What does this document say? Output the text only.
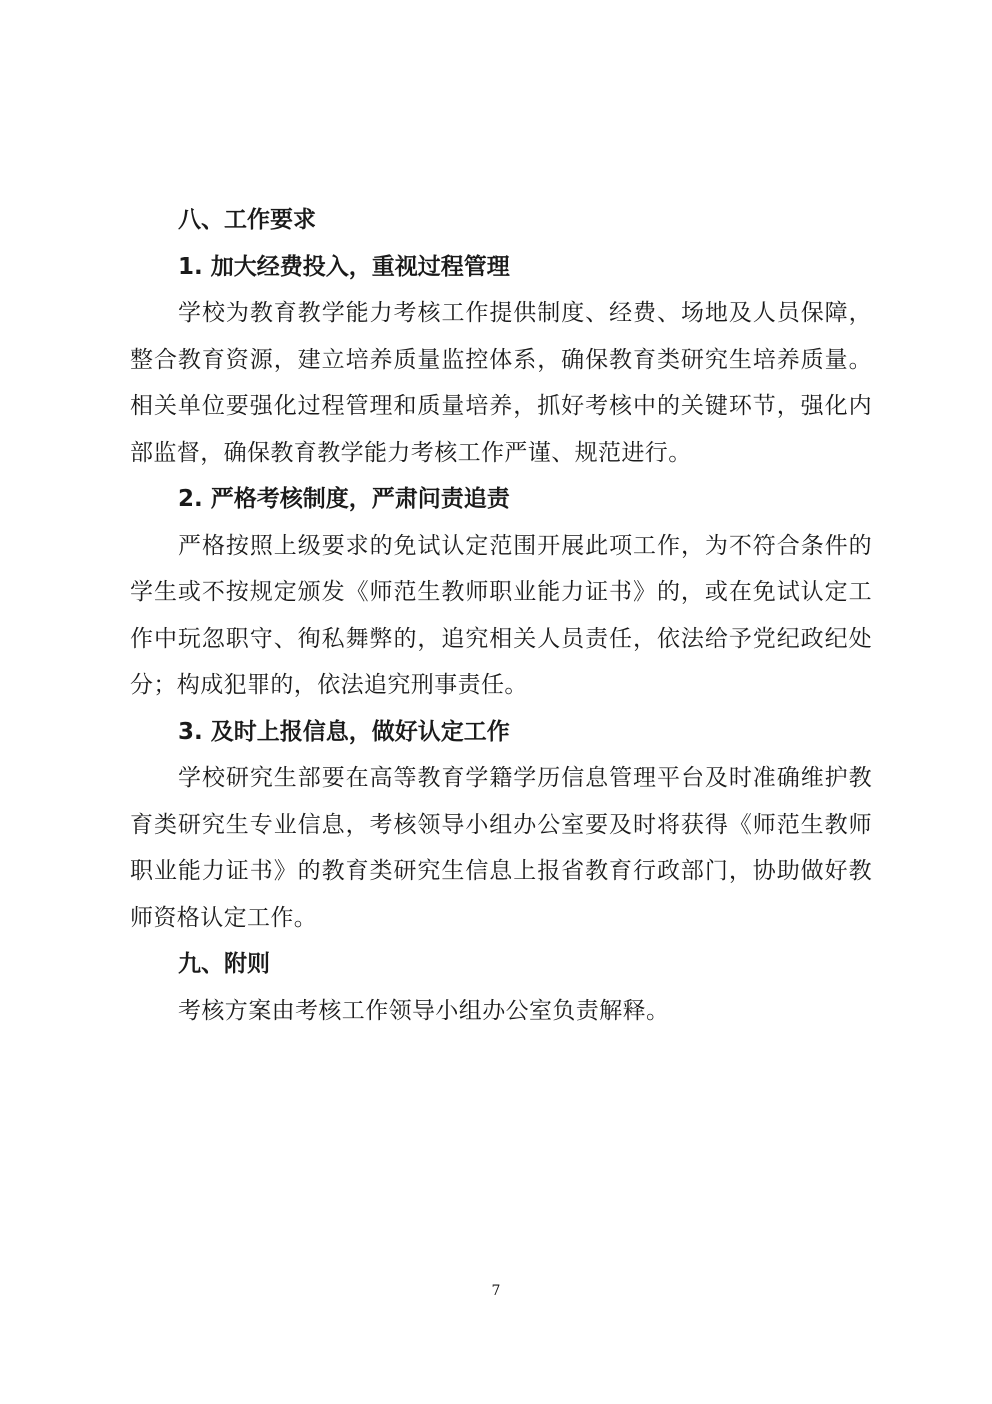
八、工作要求
1. 加大经费投入，重视过程管理

学校为教育教学能力考核工作提供制度、经费、场地及人员保障，整合教育资源，建立培养质量监控体系，确保教育类研究生培养质量。相关单位要强化过程管理和质量培养，抓好考核中的关键环节，强化内部监督，确保教育教学能力考核工作严谨、规范进行。

2. 严格考核制度，严肃问责追责

严格按照上级要求的免试认定范围开展此项工作，为不符合条件的学生或不按规定颁发《师范生教师职业能力证书》的，或在免试认定工作中玩忽职守、徇私舞弊的，追究相关人员责任，依法给予党纪政纪处分；构成犯罪的，依法追究刑事责任。

3. 及时上报信息，做好认定工作

学校研究生部要在高等教育学籍学历信息管理平台及时准确维护教育类研究生专业信息，考核领导小组办公室要及时将获得《师范生教师职业能力证书》的教育类研究生信息上报省教育行政部门，协助做好教师资格认定工作。

九、附则

考核方案由考核工作领导小组办公室负责解释。

7
